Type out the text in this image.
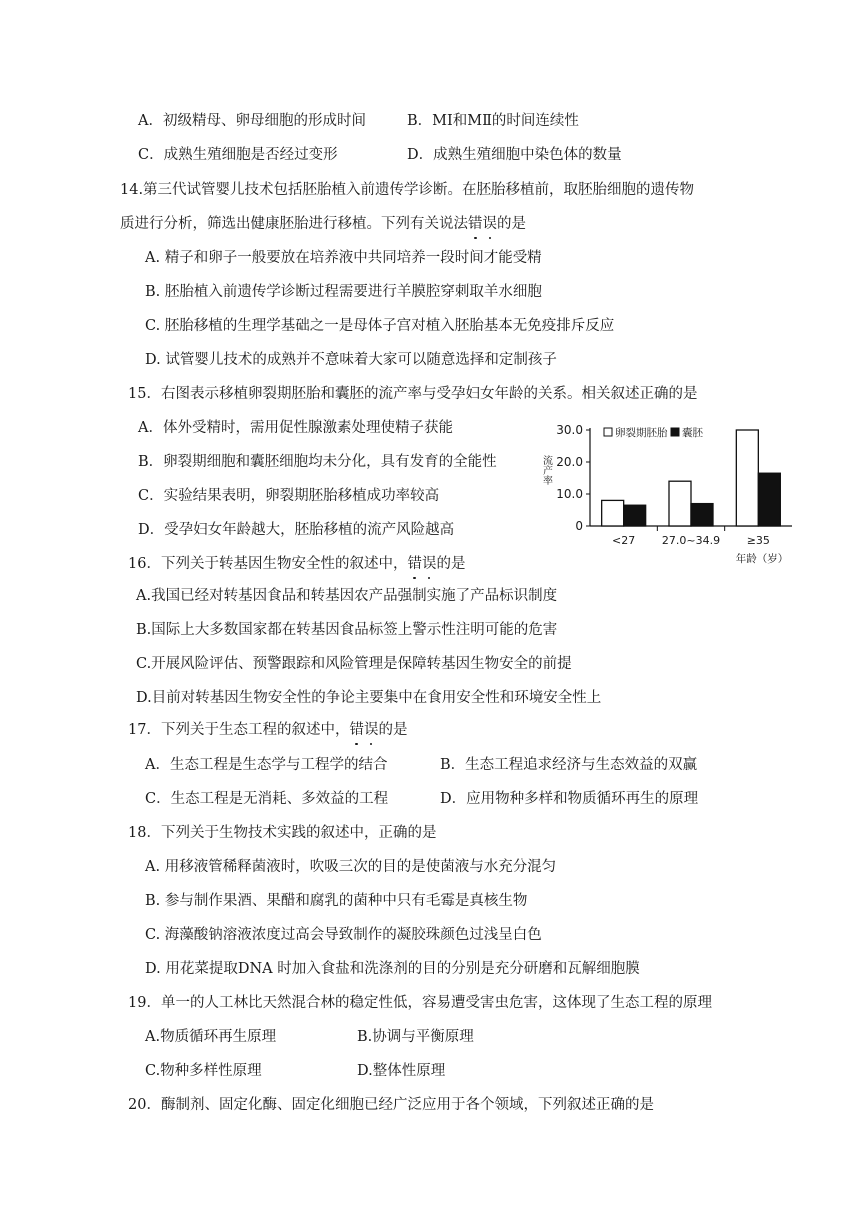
A．初级精母、卵母细胞的形成时间	B．MⅠ和MⅡ的时间连续性
C．成熟生殖细胞是否经过变形	D．成熟生殖细胞中染色体的数量
14.第三代试管婴儿技术包括胚胎植入前遗传学诊断。在胚胎移植前，取胚胎细胞的遗传物
质进行分析，筛选出健康胚胎进行移植。下列有关说法错误的是
A. 精子和卵子一般要放在培养液中共同培养一段时间才能受精
B. 胚胎植入前遗传学诊断过程需要进行羊膜腔穿刺取羊水细胞
C. 胚胎移植的生理学基础之一是母体子宫对植入胚胎基本无免疫排斥反应
D. 试管婴儿技术的成熟并不意味着大家可以随意选择和定制孩子
15．右图表示移植卵裂期胚胎和囊胚的流产率与受孕妇女年龄的关系。相关叙述正确的是
A．体外受精时，需用促性腺激素处理使精子获能
B．卵裂期细胞和囊胚细胞均未分化，具有发育的全能性
C．实验结果表明，卵裂期胚胎移植成功率较高
D．受孕妇女年龄越大，胚胎移植的流产风险越高	0
10.0
20.0
30.0
流产率
<27 27.0~34.9 ≥35
年龄（岁）
卵裂期胚胎 囊胚
16．下列关于转基因生物安全性的叙述中，错误的是
A.我国已经对转基因食品和转基因农产品强制实施了产品标识制度
B.国际上大多数国家都在转基因食品标签上警示性注明可能的危害
C.开展风险评估、预警跟踪和风险管理是保障转基因生物安全的前提
D.目前对转基因生物安全性的争论主要集中在食用安全性和环境安全性上
17．下列关于生态工程的叙述中，错误的是
A．生态工程是生态学与工程学的结合	B．生态工程追求经济与生态效益的双赢
C．生态工程是无消耗、多效益的工程	D．应用物种多样和物质循环再生的原理
18．下列关于生物技术实践的叙述中，正确的是
A. 用移液管稀释菌液时，吹吸三次的目的是使菌液与水充分混匀
B. 参与制作果酒、果醋和腐乳的菌种中只有毛霉是真核生物
C. 海藻酸钠溶液浓度过高会导致制作的凝胶珠颜色过浅呈白色
D. 用花菜提取DNA 时加入食盐和洗涤剂的目的分别是充分研磨和瓦解细胞膜
19．单一的人工林比天然混合林的稳定性低，容易遭受害虫危害，这体现了生态工程的原理
A.物质循环再生原理	B.协调与平衡原理
C.物种多样性原理	D.整体性原理
20．酶制剂、固定化酶、固定化细胞已经广泛应用于各个领域，下列叙述正确的是
